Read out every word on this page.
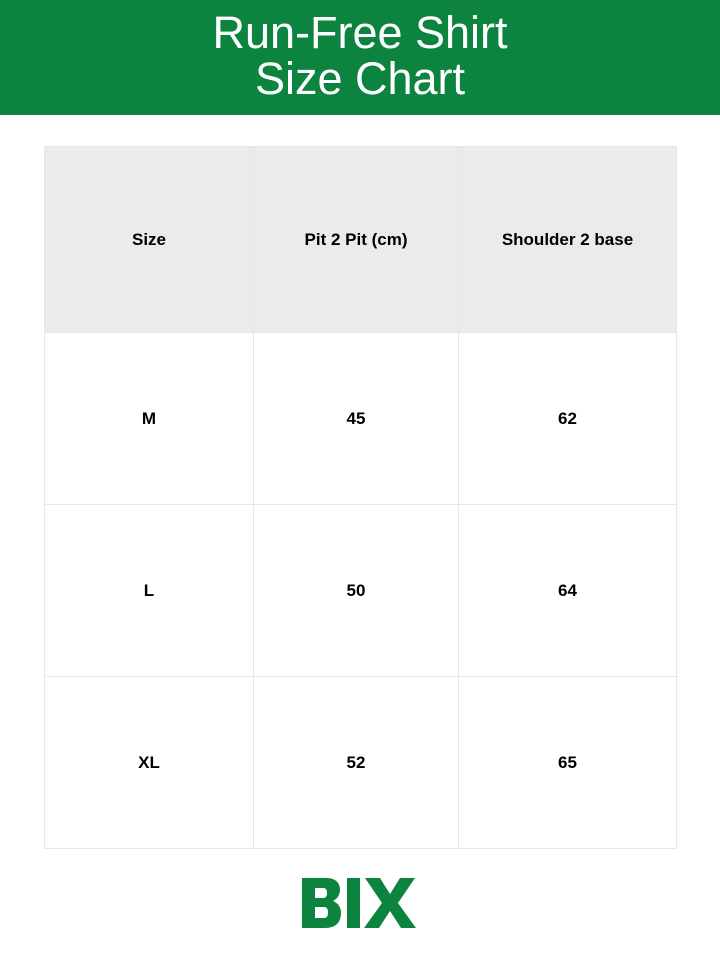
Run-Free Shirt
Size Chart
Size	Pit 2 Pit (cm)	Shoulder 2 base
M	45	62
L	50	64
XL	52	65
